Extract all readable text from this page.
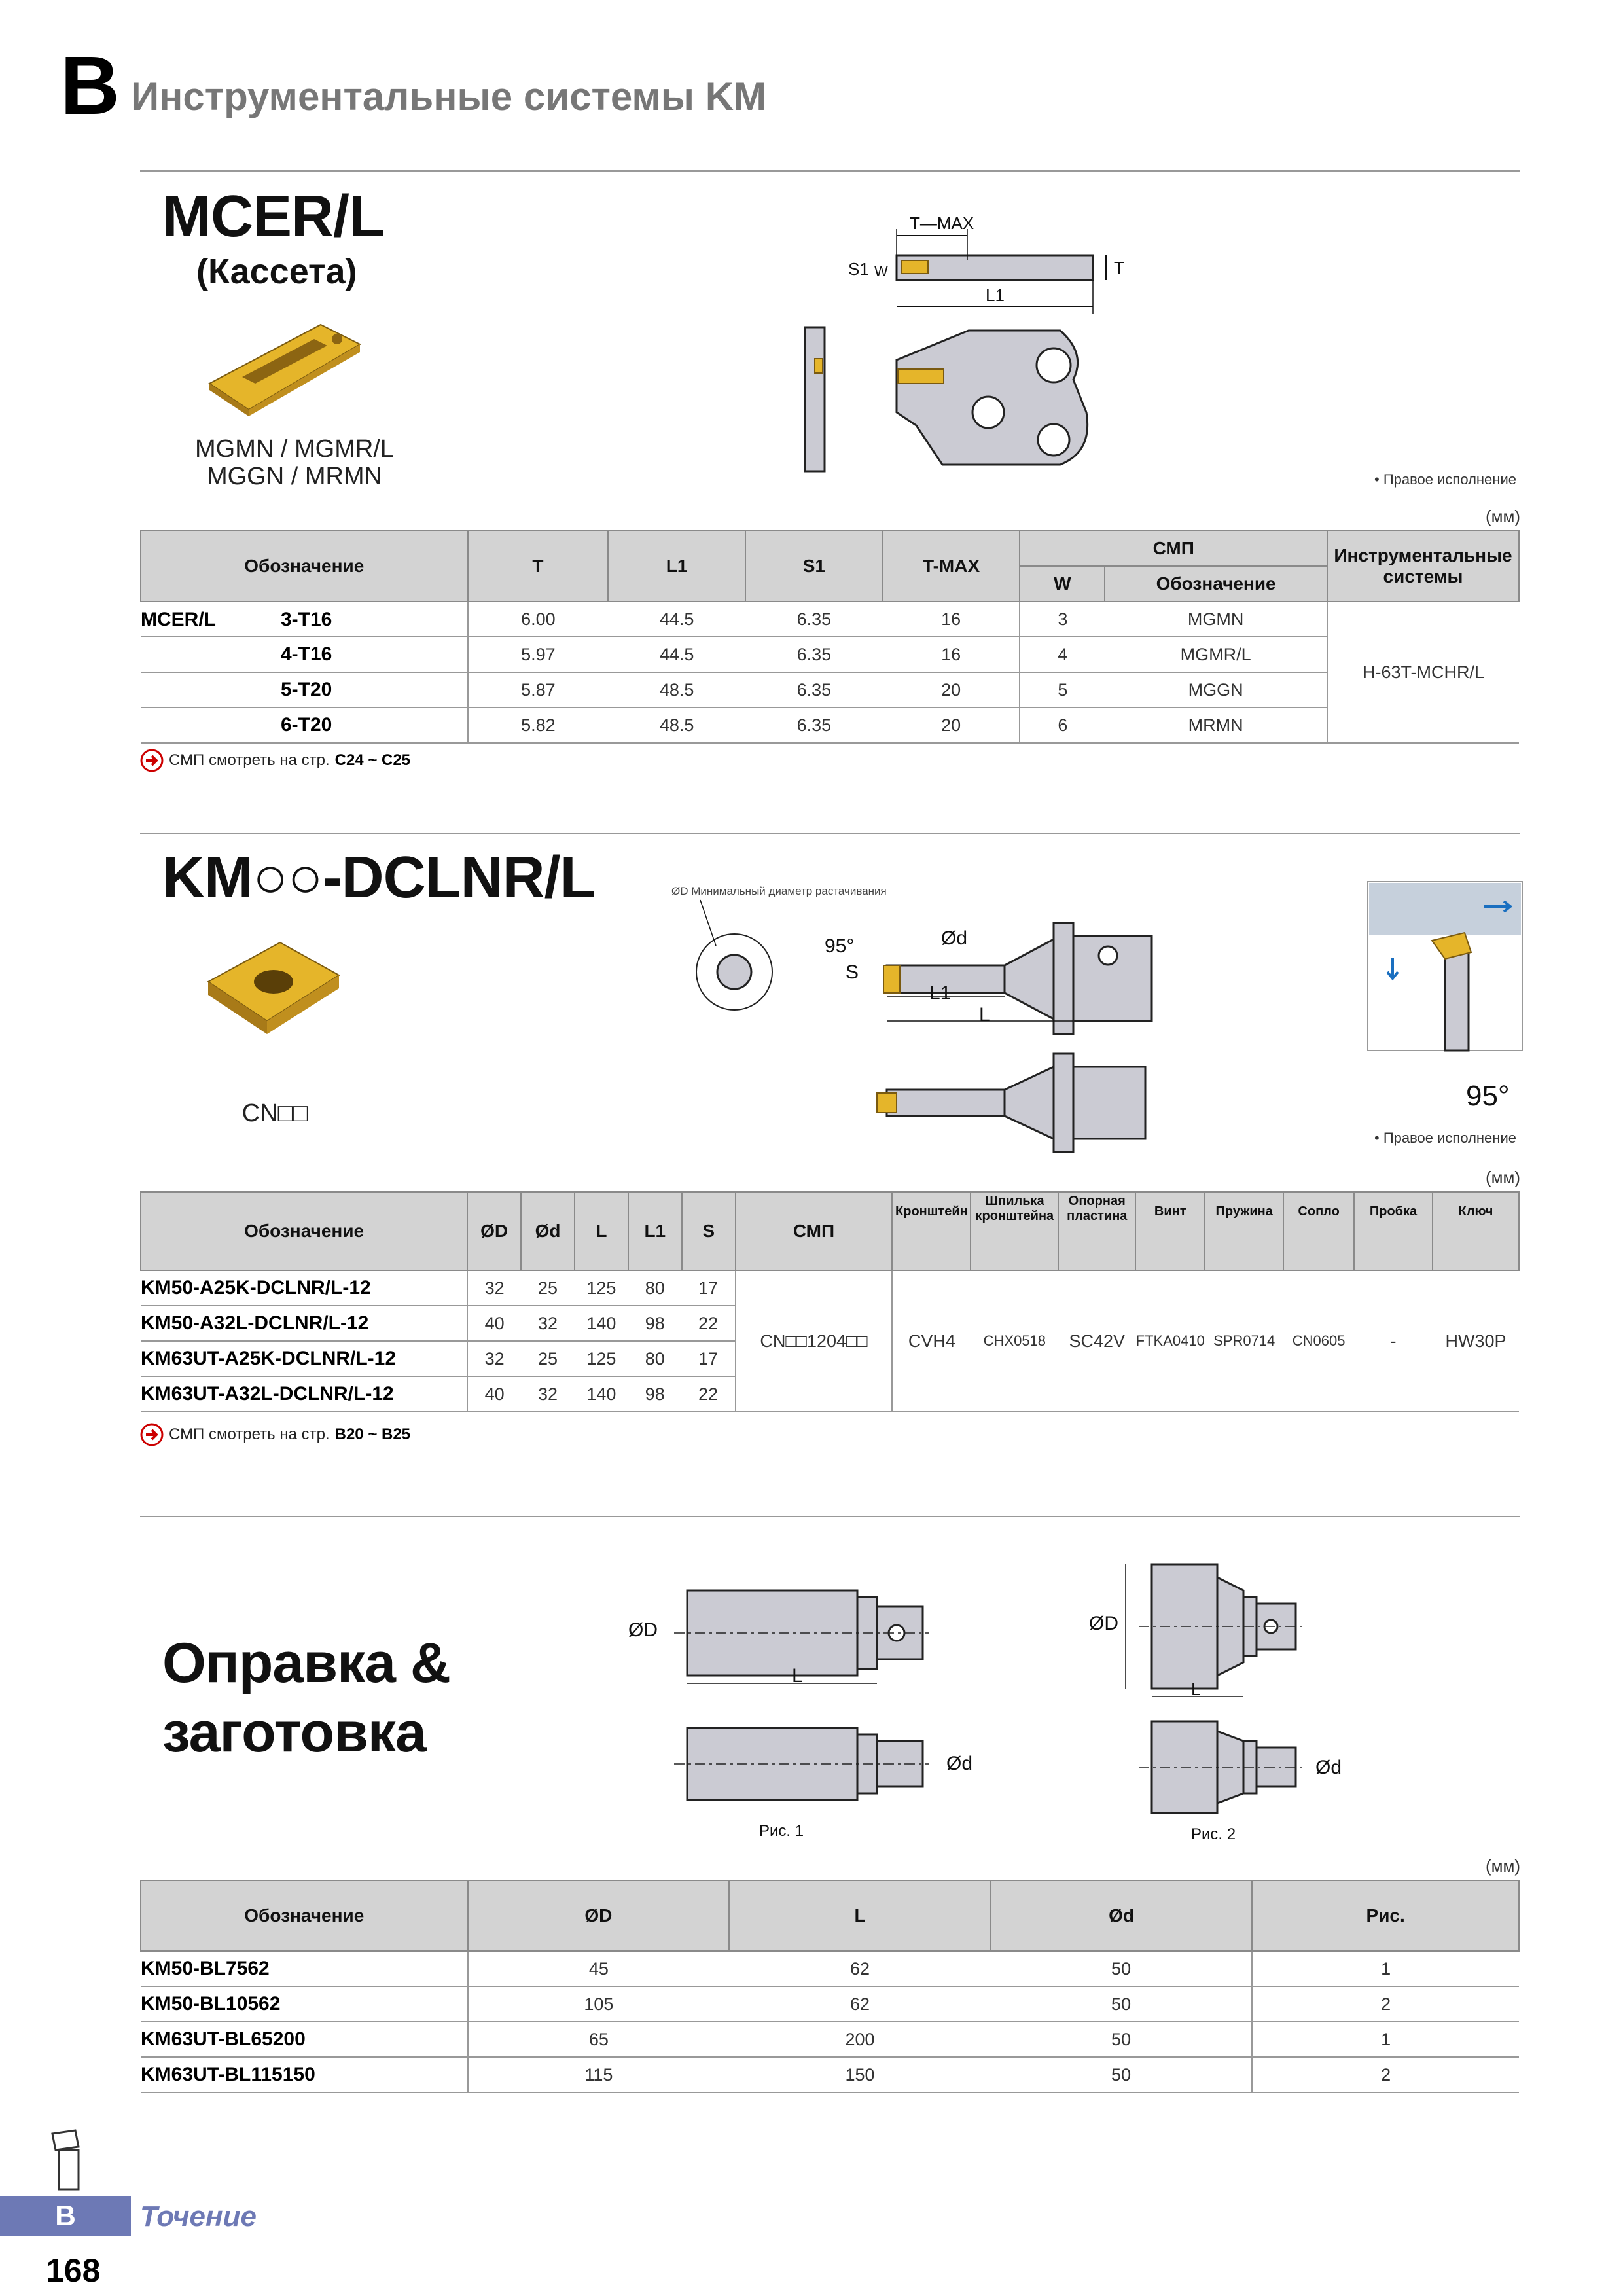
B Инструментальные системы KM
MCER/L
(Кассета)
MGMN / MGMR/L
MGGN / MRMN
T—MAX
S1 W	T
L1
• Правое исполнение
(мм)
Обозначение	T	L1	S1	T-MAX	СМП		Инструментальные системы
					W	Обозначение	

MCER/L 3-T16	6.00	44.5	6.35	16	3	MGMN	H-63T-MCHR/L
4-T16	5.97	44.5	6.35	16	4	MGMR/L	
5-T20	5.87	48.5	6.35	20	5	MGGN	
6-T20	5.82	48.5	6.35	20	6	MRMN	
СМП смотреть на стр. C24 ~ C25
KM○○-DCLNR/L
CN□□
ØD Минимальный диаметр растачивания
95°	Ød
S
L1
L
95°
• Правое исполнение
(мм)
Обозначение	ØD	Ød	L	L1	S	СМП	Кронштейн	Шпилька кронштейна	Опорная пластина	Винт	Пружина	Сопло	Пробка	Ключ
KM50-A25K-DCLNR/L-12	32	25	125	80	17	CN□□1204□□	CVH4	CHX0518	SC42V	FTKA0410	SPR0714	CN0605	-	HW30P
KM50-A32L-DCLNR/L-12	40	32	140	98	22									
KM63UT-A25K-DCLNR/L-12	32	25	125	80	17									
KM63UT-A32L-DCLNR/L-12	40	32	140	98	22									
СМП смотреть на стр. B20 ~ B25
Оправка &
заготовка
ØD
L
Ød
Рис. 1
ØD
L
Ød
Рис. 2
(мм)
Обозначение	ØD	L	Ød	Рис.
KM50-BL7562	45	62	50	1
KM50-BL10562	105	62	50	2
KM63UT-BL65200	65	200	50	1
KM63UT-BL115150	115	150	50	2
B	Точение
168
